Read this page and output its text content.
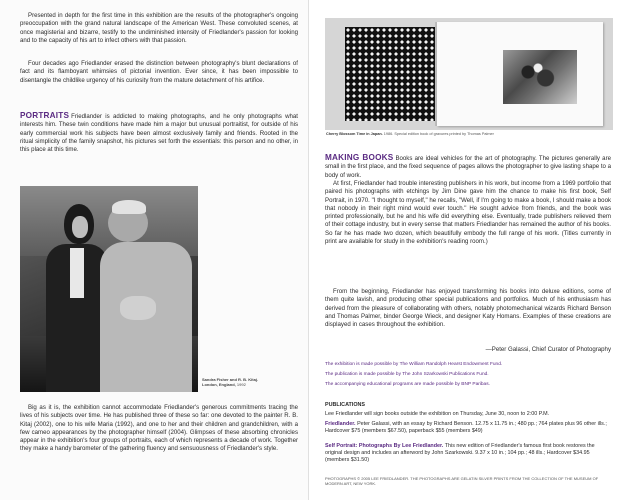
Presented in depth for the first time in this exhibition are the results of the photographer's ongoing preoccupation with the grand natural landscape of the American West. These convoluted scenes, at once magisterial and bizarre, testify to the undiminished intensity of Friedlander's passion for looking and to the capacity of his art to infect others with that passion.

Four decades ago Friedlander erased the distinction between photography's blunt declarations of fact and its flamboyant whimsies of pictorial invention. Ever since, it has been impossible to disentangle the childlike urgency of his curiosity from the mature detachment of his artifice.

PORTRAITS Friedlander is addicted to making photographs, and he only photographs what interests him. These twin conditions have made him a major but unusual portraitist, for outside of his early commercial work his subjects have been almost exclusively family and friends. Rooted in the ritual simplicity of the family snapshot, his pictures set forth the essentials: this person and no other, in this place at this time.

Sandra Fisher and R. B. Kitaj.
London, England, 1992

Big as it is, the exhibition cannot accommodate Friedlander's generous commitments tracing the lives of his subjects over time. He has published three of these so far: one devoted to the painter R. B. Kitaj (2002), one to his wife Maria (1992), and one to her and their children and grandchildren, with a few cameo appearances by the photographer himself (2004). Glimpses of these absorbing chronicles appear in the exhibition's four groups of portraits, each of which represents a decade of work. Together they make a handy barometer of the gathering fluency and sensuousness of Friedlander's style.

Cherry Blossom Time in Japan. 1986. Special edition book of gravures printed by Thomas Palmer

MAKING BOOKS Books are ideal vehicles for the art of photography. The pictures generally are small in the first place, and the fixed sequence of pages allows the photographer to give lasting shape to a body of work.

At first, Friedlander had trouble interesting publishers in his work, but income from a 1969 portfolio that paired his photographs with etchings by Jim Dine gave him the chance to make his first book, Self Portrait, in 1970. "I thought to myself," he recalls, "Well, if I'm going to make a book, I should make a book that nobody in their right mind would ever touch." He sought advice from friends, and the book was printed professionally, but he and his wife did everything else. Eventually, trade publishers relieved them of their cottage industry, but in every sense that matters Friedlander has remained the author of his books. So far he has made two dozen, which beautifully embody the full range of his work. (Titles currently in print are available for study in the exhibition's reading room.)

From the beginning, Friedlander has enjoyed transforming his books into deluxe editions, some of them quite lavish, and producing other special publications and portfolios. Much of his enthusiasm has derived from the pleasure of collaborating with others, notably photomechanical wizards Richard Benson and Thomas Palmer, binder George Wieck, and designer Katy Homans. Examples of these creations are displayed in cases throughout the exhibition.

—Peter Galassi, Chief Curator of Photography

The exhibition is made possible by The William Randolph Hearst Endowment Fund.

The publication is made possible by The John Szarkowski Publications Fund.

The accompanying educational programs are made possible by BNP Paribas.

PUBLICATIONS

Lee Friedlander will sign books outside the exhibition on Thursday, June 30, noon to 2:00 P.M.

Friedlander. Peter Galassi, with an essay by Richard Benson. 12.75 x 11.75 in.; 480 pp.; 764 plates plus 96 other ills.; Hardcover $75 (members $67.50), paperback $55 (members $49)

Self Portrait: Photographs By Lee Friedlander. This new edition of Friedlander's famous first book restores the original design and includes an afterword by John Szarkowski. 9.37 x 10 in.; 104 pp.; 48 ills.; Hardcover $34.95 (members $31.50)

PHOTOGRAPHS © 2005 LEE FRIEDLANDER. THE PHOTOGRAPHS ARE GELATIN SILVER PRINTS FROM THE COLLECTION OF THE MUSEUM OF MODERN ART, NEW YORK.
